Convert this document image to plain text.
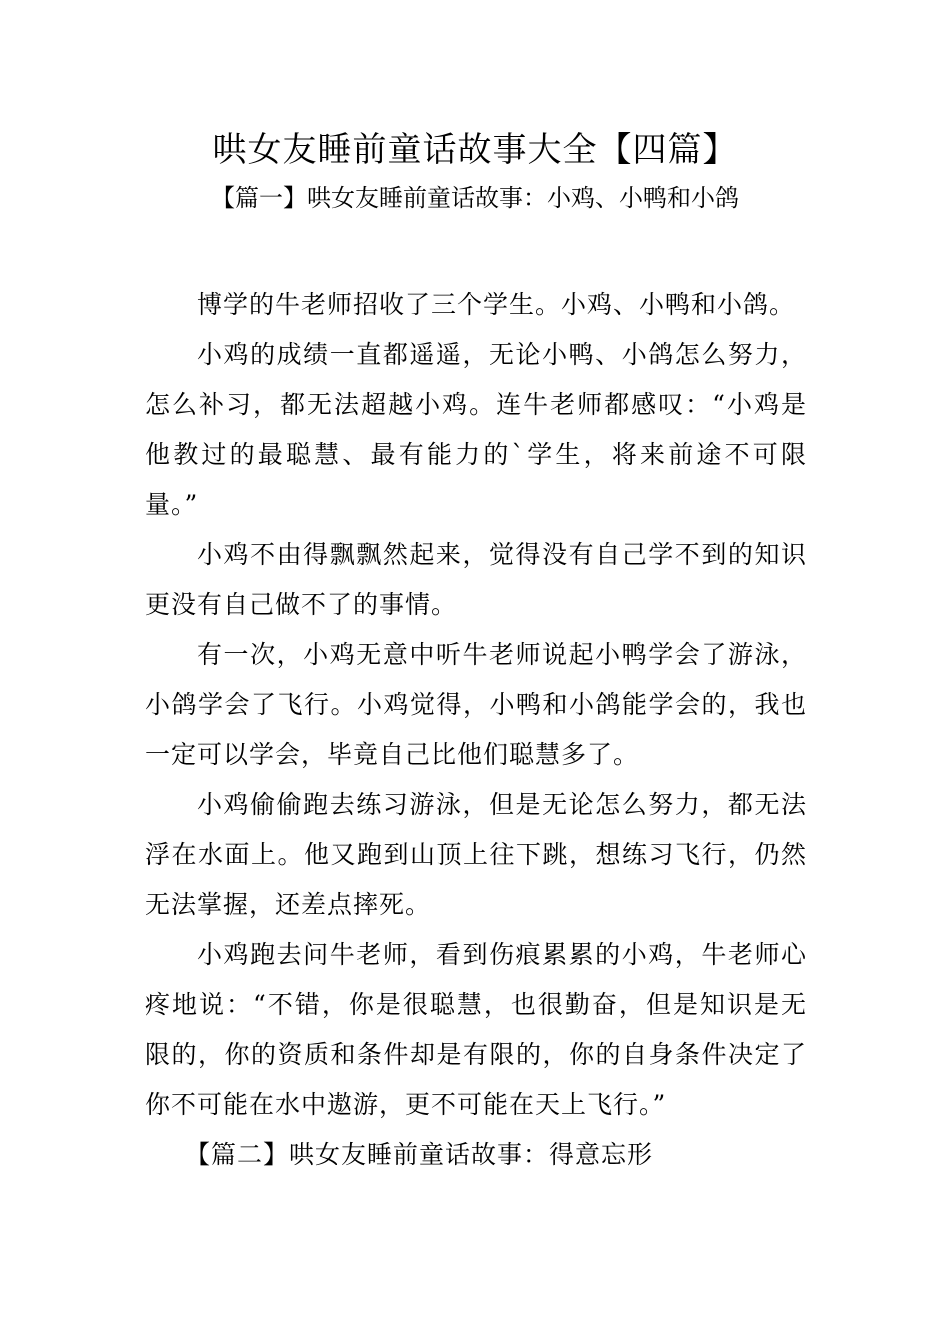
哄女友睡前童话故事大全【四篇】
【篇一】哄女友睡前童话故事：小鸡、小鸭和小鸽

博学的牛老师招收了三个学生。小鸡、小鸭和小鸽。

小鸡的成绩一直都遥遥，无论小鸭、小鸽怎么努力，怎么补习，都无法超越小鸡。连牛老师都感叹：“小鸡是他教过的最聪慧、最有能力的`学生，将来前途不可限量。”

小鸡不由得飘飘然起来，觉得没有自己学不到的知识更没有自己做不了的事情。

有一次，小鸡无意中听牛老师说起小鸭学会了游泳，小鸽学会了飞行。小鸡觉得，小鸭和小鸽能学会的，我也一定可以学会，毕竟自己比他们聪慧多了。

小鸡偷偷跑去练习游泳，但是无论怎么努力，都无法浮在水面上。他又跑到山顶上往下跳，想练习飞行，仍然无法掌握，还差点摔死。

小鸡跑去问牛老师，看到伤痕累累的小鸡，牛老师心疼地说：“不错，你是很聪慧，也很勤奋，但是知识是无限的，你的资质和条件却是有限的，你的自身条件决定了你不可能在水中遨游，更不可能在天上飞行。”

【篇二】哄女友睡前童话故事：得意忘形
